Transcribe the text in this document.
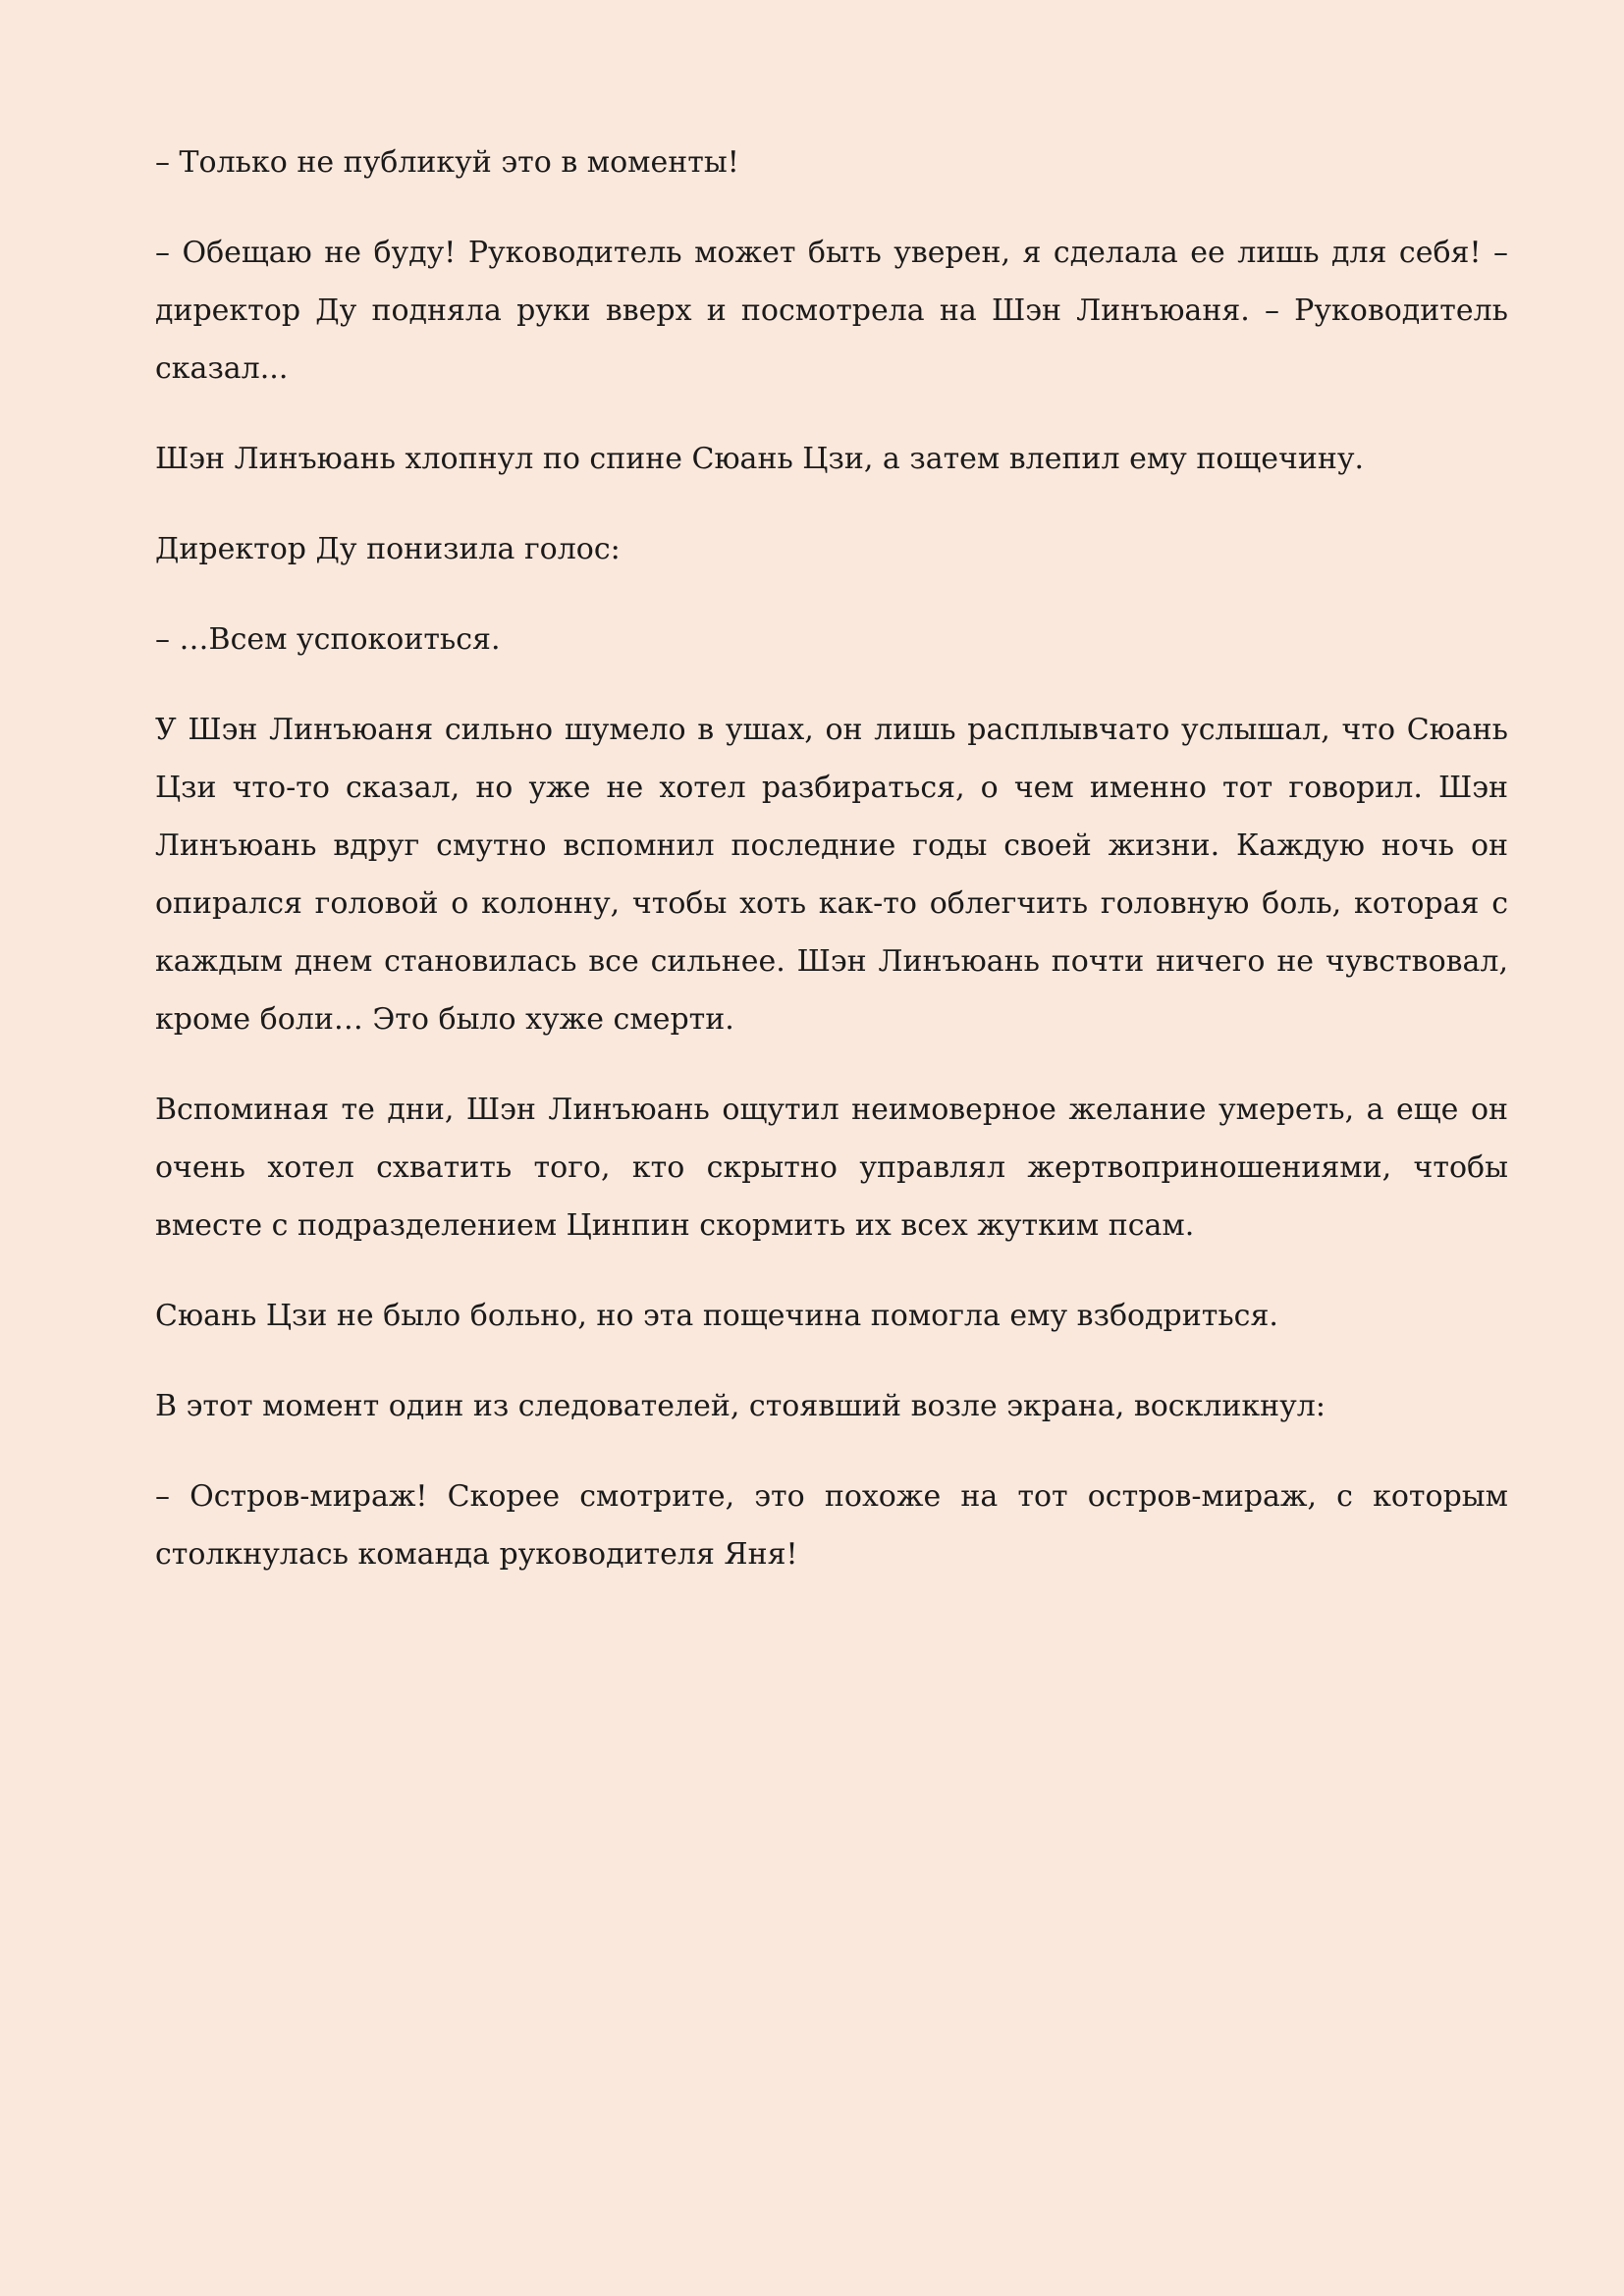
– Только не публикуй это в моменты!

– Обещаю не буду! Руководитель может быть уверен, я сделала ее лишь для себя! – директор Ду подняла руки вверх и посмотрела на Шэн Линъюаня. – Руководитель сказал...

Шэн Линъюань хлопнул по спине Сюань Цзи, а затем влепил ему пощечину.

Директор Ду понизила голос:

– …Всем успокоиться.

У Шэн Линъюаня сильно шумело в ушах, он лишь расплывчато услышал, что Сюань Цзи что-то сказал, но уже не хотел разбираться, о чем именно тот говорил. Шэн Линъюань вдруг смутно вспомнил последние годы своей жизни. Каждую ночь он опирался головой о колонну, чтобы хоть как-то облегчить головную боль, которая с каждым днем становилась все сильнее. Шэн Линъюань почти ничего не чувствовал, кроме боли… Это было хуже смерти.

Вспоминая те дни, Шэн Линъюань ощутил неимоверное желание умереть, а еще он очень хотел схватить того, кто скрытно управлял жертвоприношениями, чтобы вместе с подразделением Цинпин скормить их всех жутким псам.

Сюань Цзи не было больно, но эта пощечина помогла ему взбодриться.

В этот момент один из следователей, стоявший возле экрана, воскликнул:

– Остров-мираж! Скорее смотрите, это похоже на тот остров-мираж, с которым столкнулась команда руководителя Яня!
